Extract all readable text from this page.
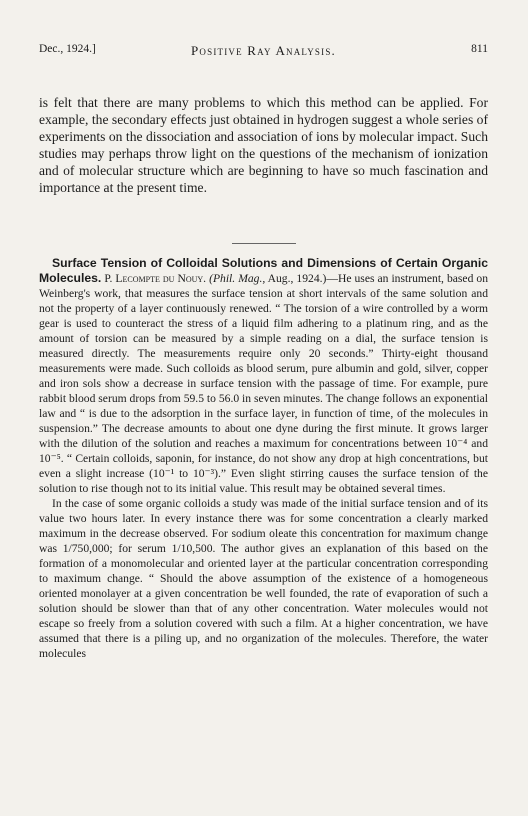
Dec., 1924.]	Positive Ray Analysis.	811

is felt that there are many problems to which this method can be applied. For example, the secondary effects just obtained in hydrogen suggest a whole series of experiments on the dissociation and association of ions by molecular impact. Such studies may perhaps throw light on the questions of the mechanism of ionization and of molecular structure which are beginning to have so much fascination and importance at the present time.

Surface Tension of Colloidal Solutions and Dimensions of Certain Organic Molecules. P. Lecompte du Nouy. (Phil. Mag., Aug., 1924.)—He uses an instrument, based on Weinberg's work, that measures the surface tension at short intervals of the same solution and not the property of a layer continuously renewed. “ The torsion of a wire controlled by a worm gear is used to counteract the stress of a liquid film adhering to a platinum ring, and as the amount of torsion can be measured by a simple reading on a dial, the surface tension is measured directly. The measurements require only 20 seconds.” Thirty-eight thousand measurements were made. Such colloids as blood serum, pure albumin and gold, silver, copper and iron sols show a decrease in surface tension with the passage of time. For example, pure rabbit blood serum drops from 59.5 to 56.0 in seven minutes. The change follows an exponential law and “ is due to the adsorption in the surface layer, in function of time, of the molecules in suspension.” The decrease amounts to about one dyne during the first minute. It grows larger with the dilution of the solution and reaches a maximum for concentrations between 10⁻⁴ and 10⁻⁵. “ Certain colloids, saponin, for instance, do not show any drop at high concentrations, but even a slight increase (10⁻¹ to 10⁻³).” Even slight stirring causes the surface tension of the solution to rise though not to its initial value. This result may be obtained several times.

In the case of some organic colloids a study was made of the initial surface tension and of its value two hours later. In every instance there was for some concentration a clearly marked maximum in the decrease observed. For sodium oleate this concentration for maximum change was 1/750,000; for serum 1/10,500. The author gives an explanation of this based on the formation of a monomolecular and oriented layer at the particular concentration corresponding to maximum change. “ Should the above assumption of the existence of a homogeneous oriented monolayer at a given concentration be well founded, the rate of evaporation of such a solution should be slower than that of any other concentration. Water molecules would not escape so freely from a solution covered with such a film. At a higher concentration, we have assumed that there is a piling up, and no organization of the molecules. Therefore, the water molecules
